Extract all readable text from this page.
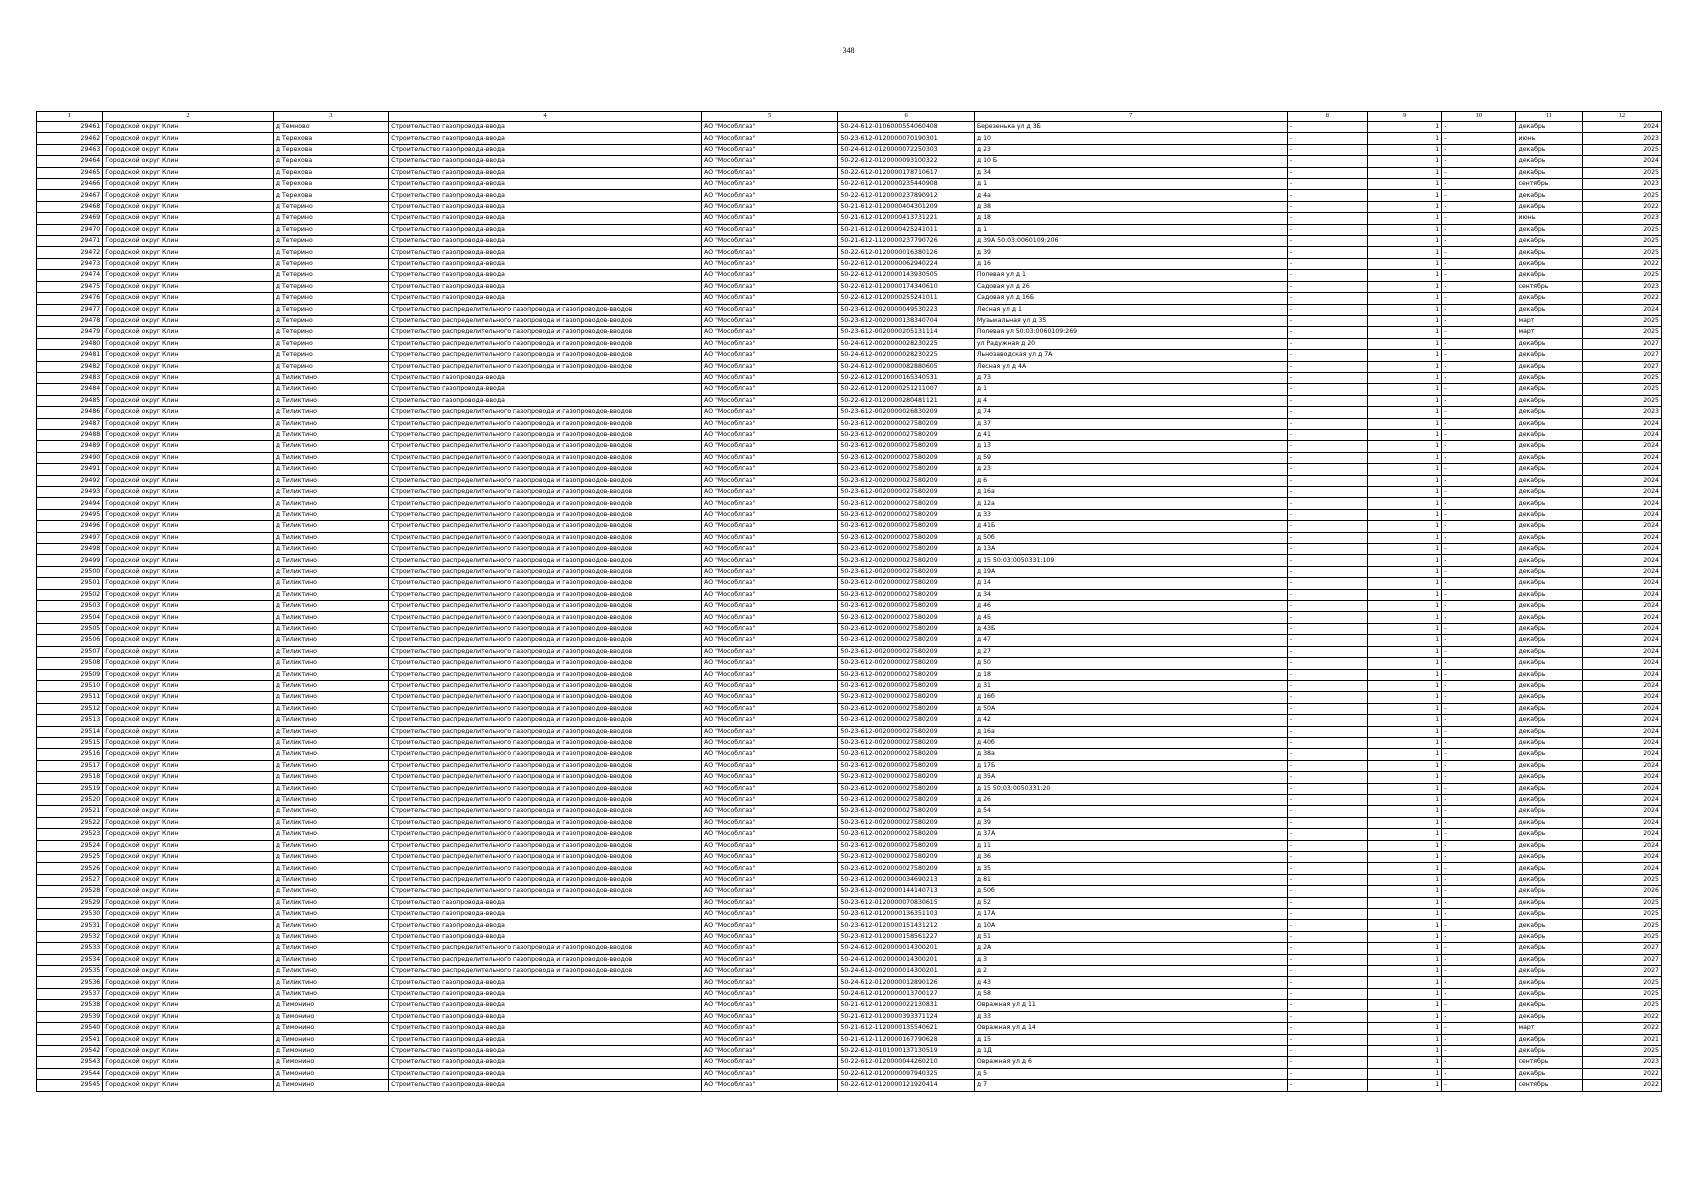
348
1	2	3	4	5	6	7	8	9	10	11	12
29461	Городской округ Клин	д Темново	Строительство газопровода-ввода	АО "Мособлгаз"	50-24-612-0106000554060408	Березенька ул д 3Б	-	1	-	декабрь	2024
29462	Городской округ Клин	д Терехова	Строительство газопровода-ввода	АО "Мособлгаз"	50-23-612-0120000070190301	д 10	-	1	-	июнь	2023
29463	Городской округ Клин	д Терехова	Строительство газопровода-ввода	АО "Мособлгаз"	50-24-612-0120000072250303	д 23	-	1	-	декабрь	2025
29464	Городской округ Клин	д Терехова	Строительство газопровода-ввода	АО "Мособлгаз"	50-22-612-0120000093100322	д 10 Б	-	1	-	декабрь	2024
29465	Городской округ Клин	д Терехова	Строительство газопровода-ввода	АО "Мособлгаз"	50-22-612-0120000178710617	д 34	-	1	-	декабрь	2025
29466	Городской округ Клин	д Терехова	Строительство газопровода-ввода	АО "Мособлгаз"	50-22-612-0120000235440908	д 1	-	1	-	сентябрь	2023
29467	Городской округ Клин	д Терехова	Строительство газопровода-ввода	АО "Мособлгаз"	50-22-612-0120000237890912	д 4а	-	1	-	декабрь	2025
29468	Городской округ Клин	д Тетерино	Строительство газопровода-ввода	АО "Мособлгаз"	50-21-612-0120000404301209	д 38	-	1	-	декабрь	2022
29469	Городской округ Клин	д Тетерино	Строительство газопровода-ввода	АО "Мособлгаз"	50-21-612-0120000413731221	д 18	-	1	-	июнь	2023
29470	Городской округ Клин	д Тетерино	Строительство газопровода-ввода	АО "Мособлгаз"	50-21-612-0120000425241011	д 1	-	1	-	декабрь	2025
29471	Городской округ Клин	д Тетерино	Строительство газопровода-ввода	АО "Мособлгаз"	50-21-612-1120000237790726	д 39А 50:03:0060109:206	-	1	-	декабрь	2025
29472	Городской округ Клин	д Тетерино	Строительство газопровода-ввода	АО "Мособлгаз"	50-22-612-0120000016380126	д 39	-	1	-	декабрь	2025
29473	Городской округ Клин	д Тетерино	Строительство газопровода-ввода	АО "Мособлгаз"	50-22-612-0120000062940224	д 16	-	1	-	декабрь	2022
29474	Городской округ Клин	д Тетерино	Строительство газопровода-ввода	АО "Мособлгаз"	50-22-612-0120000143930505	Полевая ул д 1	-	1	-	декабрь	2025
29475	Городской округ Клин	д Тетерино	Строительство газопровода-ввода	АО "Мособлгаз"	50-22-612-0120000174340610	Садовая ул д 26	-	1	-	сентябрь	2023
29476	Городской округ Клин	д Тетерино	Строительство газопровода-ввода	АО "Мособлгаз"	50-22-612-0120000255241011	Садовая ул д 16Б	-	1	-	декабрь	2022
29477	Городской округ Клин	д Тетерино	Строительство распределительного газопровода и газопроводов-вводов	АО "Мособлгаз"	50-23-612-0020000049530223	Лесная ул д 1	-	1	-	декабрь	2024
29478	Городской округ Клин	д Тетерино	Строительство распределительного газопровода и газопроводов-вводов	АО "Мособлгаз"	50-23-612-0020000138340704	Музыкальная ул д 35	-	1	-	март	2025
29479	Городской округ Клин	д Тетерино	Строительство распределительного газопровода и газопроводов-вводов	АО "Мособлгаз"	50-23-612-0020000205131114	Полевая ул 50:03:0060109:269	-	1	-	март	2025
29480	Городской округ Клин	д Тетерино	Строительство распределительного газопровода и газопроводов-вводов	АО "Мособлгаз"	50-24-612-0020000028230225	ул Радужная д 20	-	1	-	декабрь	2027
29481	Городской округ Клин	д Тетерино	Строительство распределительного газопровода и газопроводов-вводов	АО "Мособлгаз"	50-24-612-0020000028230225	Льнозаводская ул д 7А	-	1	-	декабрь	2027
29482	Городской округ Клин	д Тетерино	Строительство распределительного газопровода и газопроводов-вводов	АО "Мособлгаз"	50-24-612-0020000082880605	Лесная ул д 4А	-	1	-	декабрь	2027
29483	Городской округ Клин	д Тиликтино	Строительство газопровода-ввода	АО "Мособлгаз"	50-22-612-0120000165340531	д 73	-	1	-	декабрь	2025
29484	Городской округ Клин	д Тиликтино	Строительство газопровода-ввода	АО "Мособлгаз"	50-22-612-0120000251211007	д 1	-	1	-	декабрь	2025
29485	Городской округ Клин	д Тиликтино	Строительство газопровода-ввода	АО "Мособлгаз"	50-22-612-0120000280481121	д 4	-	1	-	декабрь	2025
29486	Городской округ Клин	д Тиликтино	Строительство распределительного газопровода и газопроводов-вводов	АО "Мособлгаз"	50-23-612-0020000026830209	д 74	-	1	-	декабрь	2023
29487	Городской округ Клин	д Тиликтино	Строительство распределительного газопровода и газопроводов-вводов	АО "Мособлгаз"	50-23-612-0020000027580209	д 37	-	1	-	декабрь	2024
29488	Городской округ Клин	д Тиликтино	Строительство распределительного газопровода и газопроводов-вводов	АО "Мособлгаз"	50-23-612-0020000027580209	д 41	-	1	-	декабрь	2024
29489	Городской округ Клин	д Тиликтино	Строительство распределительного газопровода и газопроводов-вводов	АО "Мособлгаз"	50-23-612-0020000027580209	д 13	-	1	-	декабрь	2024
29490	Городской округ Клин	д Тиликтино	Строительство распределительного газопровода и газопроводов-вводов	АО "Мособлгаз"	50-23-612-0020000027580209	д 59	-	1	-	декабрь	2024
29491	Городской округ Клин	д Тиликтино	Строительство распределительного газопровода и газопроводов-вводов	АО "Мособлгаз"	50-23-612-0020000027580209	д 23	-	1	-	декабрь	2024
29492	Городской округ Клин	д Тиликтино	Строительство распределительного газопровода и газопроводов-вводов	АО "Мособлгаз"	50-23-612-0020000027580209	д 6	-	1	-	декабрь	2024
29493	Городской округ Клин	д Тиликтино	Строительство распределительного газопровода и газопроводов-вводов	АО "Мособлгаз"	50-23-612-0020000027580209	д 16а	-	1	-	декабрь	2024
29494	Городской округ Клин	д Тиликтино	Строительство распределительного газопровода и газопроводов-вводов	АО "Мособлгаз"	50-23-612-0020000027580209	д 12а	-	1	-	декабрь	2024
29495	Городской округ Клин	д Тиликтино	Строительство распределительного газопровода и газопроводов-вводов	АО "Мособлгаз"	50-23-612-0020000027580209	д 33	-	1	-	декабрь	2024
29496	Городской округ Клин	д Тиликтино	Строительство распределительного газопровода и газопроводов-вводов	АО "Мособлгаз"	50-23-612-0020000027580209	д 41Б	-	1	-	декабрь	2024
29497	Городской округ Клин	д Тиликтино	Строительство распределительного газопровода и газопроводов-вводов	АО "Мособлгаз"	50-23-612-0020000027580209	д 50б	-	1	-	декабрь	2024
29498	Городской округ Клин	д Тиликтино	Строительство распределительного газопровода и газопроводов-вводов	АО "Мособлгаз"	50-23-612-0020000027580209	д 13А	-	1	-	декабрь	2024
29499	Городской округ Клин	д Тиликтино	Строительство распределительного газопровода и газопроводов-вводов	АО "Мособлгаз"	50-23-612-0020000027580209	д 15 50:03:0050331:109	-	1	-	декабрь	2024
29500	Городской округ Клин	д Тиликтино	Строительство распределительного газопровода и газопроводов-вводов	АО "Мособлгаз"	50-23-612-0020000027580209	д 19А	-	1	-	декабрь	2024
29501	Городской округ Клин	д Тиликтино	Строительство распределительного газопровода и газопроводов-вводов	АО "Мособлгаз"	50-23-612-0020000027580209	д 14	-	1	-	декабрь	2024
29502	Городской округ Клин	д Тиликтино	Строительство распределительного газопровода и газопроводов-вводов	АО "Мособлгаз"	50-23-612-0020000027580209	д 34	-	1	-	декабрь	2024
29503	Городской округ Клин	д Тиликтино	Строительство распределительного газопровода и газопроводов-вводов	АО "Мособлгаз"	50-23-612-0020000027580209	д 46	-	1	-	декабрь	2024
29504	Городской округ Клин	д Тиликтино	Строительство распределительного газопровода и газопроводов-вводов	АО "Мособлгаз"	50-23-612-0020000027580209	д 45	-	1	-	декабрь	2024
29505	Городской округ Клин	д Тиликтино	Строительство распределительного газопровода и газопроводов-вводов	АО "Мособлгаз"	50-23-612-0020000027580209	д 43Б	-	1	-	декабрь	2024
29506	Городской округ Клин	д Тиликтино	Строительство распределительного газопровода и газопроводов-вводов	АО "Мособлгаз"	50-23-612-0020000027580209	д 47	-	1	-	декабрь	2024
29507	Городской округ Клин	д Тиликтино	Строительство распределительного газопровода и газопроводов-вводов	АО "Мособлгаз"	50-23-612-0020000027580209	д 27	-	1	-	декабрь	2024
29508	Городской округ Клин	д Тиликтино	Строительство распределительного газопровода и газопроводов-вводов	АО "Мособлгаз"	50-23-612-0020000027580209	д 50	-	1	-	декабрь	2024
29509	Городской округ Клин	д Тиликтино	Строительство распределительного газопровода и газопроводов-вводов	АО "Мособлгаз"	50-23-612-0020000027580209	д 18	-	1	-	декабрь	2024
29510	Городской округ Клин	д Тиликтино	Строительство распределительного газопровода и газопроводов-вводов	АО "Мособлгаз"	50-23-612-0020000027580209	д 31	-	1	-	декабрь	2024
29511	Городской округ Клин	д Тиликтино	Строительство распределительного газопровода и газопроводов-вводов	АО "Мособлгаз"	50-23-612-0020000027580209	д 16б	-	1	-	декабрь	2024
29512	Городской округ Клин	д Тиликтино	Строительство распределительного газопровода и газопроводов-вводов	АО "Мособлгаз"	50-23-612-0020000027580209	д 50А	-	1	-	декабрь	2024
29513	Городской округ Клин	д Тиликтино	Строительство распределительного газопровода и газопроводов-вводов	АО "Мособлгаз"	50-23-612-0020000027580209	д 42	-	1	-	декабрь	2024
29514	Городской округ Клин	д Тиликтино	Строительство распределительного газопровода и газопроводов-вводов	АО "Мособлгаз"	50-23-612-0020000027580209	д 16а	-	1	-	декабрь	2024
29515	Городской округ Клин	д Тиликтино	Строительство распределительного газопровода и газопроводов-вводов	АО "Мособлгаз"	50-23-612-0020000027580209	д 40б	-	1	-	декабрь	2024
29516	Городской округ Клин	д Тиликтино	Строительство распределительного газопровода и газопроводов-вводов	АО "Мособлгаз"	50-23-612-0020000027580209	д 38а	-	1	-	декабрь	2024
29517	Городской округ Клин	д Тиликтино	Строительство распределительного газопровода и газопроводов-вводов	АО "Мособлгаз"	50-23-612-0020000027580209	д 17Б	-	1	-	декабрь	2024
29518	Городской округ Клин	д Тиликтино	Строительство распределительного газопровода и газопроводов-вводов	АО "Мособлгаз"	50-23-612-0020000027580209	д 35А	-	1	-	декабрь	2024
29519	Городской округ Клин	д Тиликтино	Строительство распределительного газопровода и газопроводов-вводов	АО "Мособлгаз"	50-23-612-0020000027580209	д 15 50:03:0050331:20	-	1	-	декабрь	2024
29520	Городской округ Клин	д Тиликтино	Строительство распределительного газопровода и газопроводов-вводов	АО "Мособлгаз"	50-23-612-0020000027580209	д 26	-	1	-	декабрь	2024
29521	Городской округ Клин	д Тиликтино	Строительство распределительного газопровода и газопроводов-вводов	АО "Мособлгаз"	50-23-612-0020000027580209	д 54	-	1	-	декабрь	2024
29522	Городской округ Клин	д Тиликтино	Строительство распределительного газопровода и газопроводов-вводов	АО "Мособлгаз"	50-23-612-0020000027580209	д 39	-	1	-	декабрь	2024
29523	Городской округ Клин	д Тиликтино	Строительство распределительного газопровода и газопроводов-вводов	АО "Мособлгаз"	50-23-612-0020000027580209	д 37А	-	1	-	декабрь	2024
29524	Городской округ Клин	д Тиликтино	Строительство распределительного газопровода и газопроводов-вводов	АО "Мособлгаз"	50-23-612-0020000027580209	д 11	-	1	-	декабрь	2024
29525	Городской округ Клин	д Тиликтино	Строительство распределительного газопровода и газопроводов-вводов	АО "Мособлгаз"	50-23-612-0020000027580209	д 36	-	1	-	декабрь	2024
29526	Городской округ Клин	д Тиликтино	Строительство распределительного газопровода и газопроводов-вводов	АО "Мособлгаз"	50-23-612-0020000027580209	д 35	-	1	-	декабрь	2024
29527	Городской округ Клин	д Тиликтино	Строительство распределительного газопровода и газопроводов-вводов	АО "Мособлгаз"	50-23-612-0020000034690213	д 81	-	1	-	декабрь	2025
29528	Городской округ Клин	д Тиликтино	Строительство распределительного газопровода и газопроводов-вводов	АО "Мособлгаз"	50-23-612-0020000144140713	д 50б	-	1	-	декабрь	2026
29529	Городской округ Клин	д Тиликтино	Строительство газопровода-ввода	АО "Мособлгаз"	50-23-612-0120000070830615	д 52	-	1	-	декабрь	2025
29530	Городской округ Клин	д Тиликтино	Строительство газопровода-ввода	АО "Мособлгаз"	50-23-612-0120000136351103	д 17А	-	1	-	декабрь	2025
29531	Городской округ Клин	д Тиликтино	Строительство газопровода-ввода	АО "Мособлгаз"	50-23-612-0120000151431212	д 10А	-	1	-	декабрь	2025
29532	Городской округ Клин	д Тиликтино	Строительство газопровода-ввода	АО "Мособлгаз"	50-23-612-0120000158561227	д 51	-	1	-	декабрь	2025
29533	Городской округ Клин	д Тиликтино	Строительство распределительного газопровода и газопроводов-вводов	АО "Мособлгаз"	50-24-612-0020000014300201	д 2А	-	1	-	декабрь	2027
29534	Городской округ Клин	д Тиликтино	Строительство распределительного газопровода и газопроводов-вводов	АО "Мособлгаз"	50-24-612-0020000014300201	д 3	-	1	-	декабрь	2027
29535	Городской округ Клин	д Тиликтино	Строительство распределительного газопровода и газопроводов-вводов	АО "Мособлгаз"	50-24-612-0020000014300201	д 2	-	1	-	декабрь	2027
29536	Городской округ Клин	д Тиликтино	Строительство газопровода-ввода	АО "Мособлгаз"	50-24-612-0120000012890126	д 43	-	1	-	декабрь	2025
29537	Городской округ Клин	д Тиликтино	Строительство газопровода-ввода	АО "Мособлгаз"	50-24-612-0120000013700127	д 58	-	1	-	декабрь	2025
29538	Городской округ Клин	д Тимонино	Строительство газопровода-ввода	АО "Мособлгаз"	50-21-612-0120000022130831	Овражная ул д 11	-	1	-	декабрь	2025
29539	Городской округ Клин	д Тимонино	Строительство газопровода-ввода	АО "Мособлгаз"	50-21-612-0120000393371124	д 33	-	1	-	декабрь	2022
29540	Городской округ Клин	д Тимонино	Строительство газопровода-ввода	АО "Мособлгаз"	50-21-612-1120000135540621	Овражная ул д 14	-	1	-	март	2022
29541	Городской округ Клин	д Тимонино	Строительство газопровода-ввода	АО "Мособлгаз"	50-21-612-1120000167790628	д 15	-	1	-	декабрь	2021
29542	Городской округ Клин	д Тимонино	Строительство газопровода-ввода	АО "Мособлгаз"	50-22-612-0101000137130519	д 1Д	-	1	-	декабрь	2025
29543	Городской округ Клин	д Тимонино	Строительство газопровода-ввода	АО "Мособлгаз"	50-22-612-0120000044260210	Овражная ул д 6	-	1	-	сентябрь	2023
29544	Городской округ Клин	д Тимонино	Строительство газопровода-ввода	АО "Мособлгаз"	50-22-612-0120000097940325	д 5	-	1	-	декабрь	2022
29545	Городской округ Клин	д Тимонино	Строительство газопровода-ввода	АО "Мособлгаз"	50-22-612-0120000121920414	д 7	-	1	-	сентябрь	2022
